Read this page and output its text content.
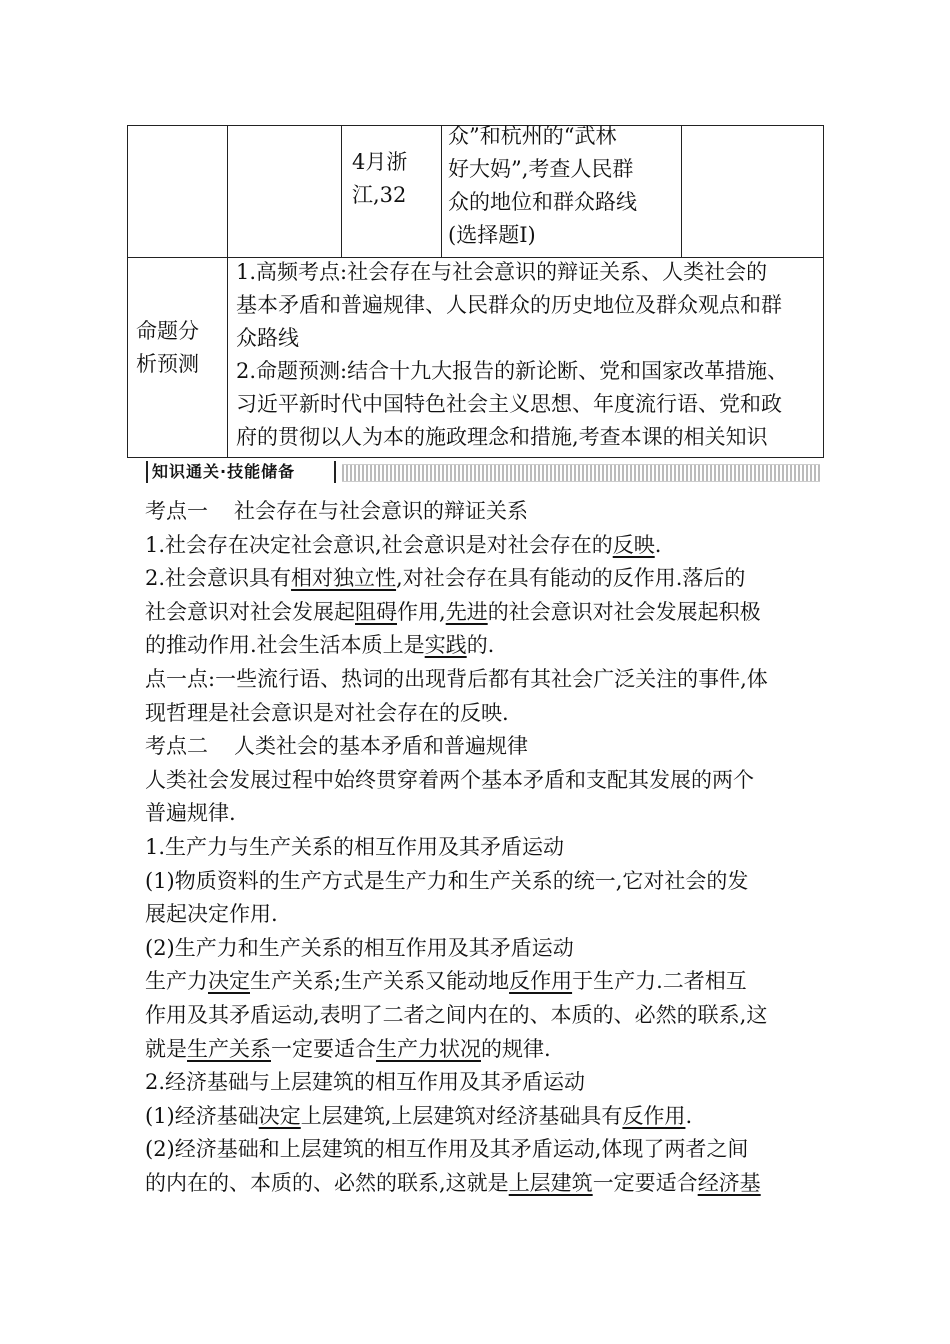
4月浙
江,32
众”和杭州的“武林
好大妈”,考查人民群
众的地位和群众路线
(选择题Ⅰ)
命题分
析预测
1.高频考点:社会存在与社会意识的辩证关系、人类社会的
基本矛盾和普遍规律、人民群众的历史地位及群众观点和群
众路线
2.命题预测:结合十九大报告的新论断、党和国家改革措施、
习近平新时代中国特色社会主义思想、年度流行语、党和政
府的贯彻以人为本的施政理念和措施,考查本课的相关知识
知识通关·技能储备

考点一 社会存在与社会意识的辩证关系

1.社会存在决定社会意识,社会意识是对社会存在的反映.

2.社会意识具有相对独立性,对社会存在具有能动的反作用.落后的

社会意识对社会发展起阻碍作用,先进的社会意识对社会发展起积极

的推动作用.社会生活本质上是实践的.

点一点:一些流行语、热词的出现背后都有其社会广泛关注的事件,体

现哲理是社会意识是对社会存在的反映.

考点二 人类社会的基本矛盾和普遍规律

人类社会发展过程中始终贯穿着两个基本矛盾和支配其发展的两个

普遍规律.

1.生产力与生产关系的相互作用及其矛盾运动

(1)物质资料的生产方式是生产力和生产关系的统一,它对社会的发

展起决定作用.

(2)生产力和生产关系的相互作用及其矛盾运动

生产力决定生产关系;生产关系又能动地反作用于生产力.二者相互

作用及其矛盾运动,表明了二者之间内在的、本质的、必然的联系,这

就是生产关系一定要适合生产力状况的规律.

2.经济基础与上层建筑的相互作用及其矛盾运动

(1)经济基础决定上层建筑,上层建筑对经济基础具有反作用.

(2)经济基础和上层建筑的相互作用及其矛盾运动,体现了两者之间

的内在的、本质的、必然的联系,这就是上层建筑一定要适合经济基
